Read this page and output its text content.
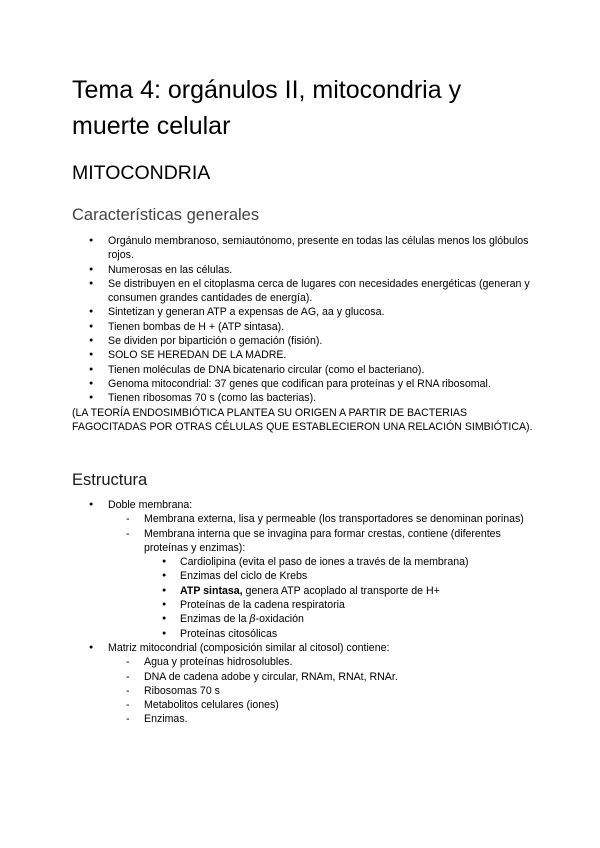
Tema 4: orgánulos II, mitocondria y muerte celular
MITOCONDRIA
Características generales
● Orgánulo membranoso, semiautónomo, presente en todas las células menos los glóbulos rojos.
● Numerosas en las células.
● Se distribuyen en el citoplasma cerca de lugares con necesidades energéticas (generan y consumen grandes cantidades de energía).
● Sintetizan y generan ATP a expensas de AG, aa y glucosa.
● Tienen bombas de H + (ATP sintasa).
● Se dividen por bipartición o gemación (fisión).
● SOLO SE HEREDAN DE LA MADRE.
● Tienen moléculas de DNA bicatenario circular (como el bacteriano).
● Genoma mitocondrial: 37 genes que codifican para proteínas y el RNA ribosomal.
● Tienen ribosomas 70 s (como las bacterias).
(LA TEORÍA ENDOSIMBIÓTICA PLANTEA SU ORIGEN A PARTIR DE BACTERIAS FAGOCITADAS POR OTRAS CÉLULAS QUE ESTABLECIERON UNA RELACIÓN SIMBIÓTICA).
Estructura
● Doble membrana:
- Membrana externa, lisa y permeable (los transportadores se denominan porinas)
- Membrana interna que se invagina para formar crestas, contiene (diferentes proteínas y enzimas):
● Cardiolipina (evita el paso de iones a través de la membrana)
● Enzimas del ciclo de Krebs
● ATP sintasa, genera ATP acoplado al transporte de H+
● Proteínas de la cadena respiratoria
● Enzimas de la β-oxidación
● Proteínas citosólicas
● Matriz mitocondrial (composición similar al citosol) contiene:
- Agua y proteínas hidrosolubles.
- DNA de cadena adobe y circular, RNAm, RNAt, RNAr.
- Ribosomas 70 s
- Metabolitos celulares (iones)
- Enzimas.
